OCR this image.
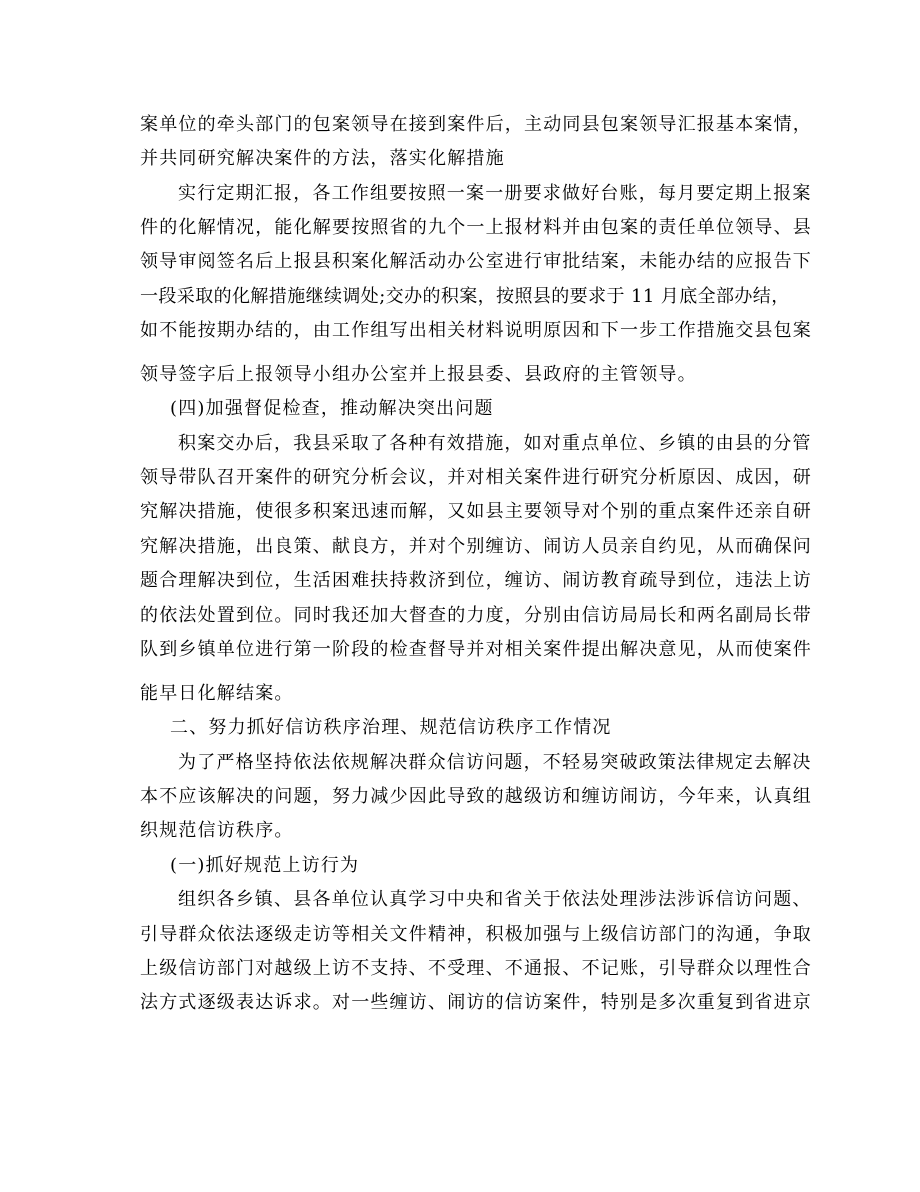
案单位的牵头部门的包案领导在接到案件后，主动同县包案领导汇报基本案情，

并共同研究解决案件的方法，落实化解措施

实行定期汇报，各工作组要按照一案一册要求做好台账，每月要定期上报案

件的化解情况，能化解要按照省的九个一上报材料并由包案的责任单位领导、县

领导审阅签名后上报县积案化解活动办公室进行审批结案，未能办结的应报告下

一段采取的化解措施继续调处;交办的积案，按照县的要求于 11 月底全部办结，

如不能按期办结的，由工作组写出相关材料说明原因和下一步工作措施交县包案

领导签字后上报领导小组办公室并上报县委、县政府的主管领导。

(四)加强督促检查，推动解决突出问题

积案交办后，我县采取了各种有效措施，如对重点单位、乡镇的由县的分管

领导带队召开案件的研究分析会议，并对相关案件进行研究分析原因、成因，研

究解决措施，使很多积案迅速而解，又如县主要领导对个别的重点案件还亲自研

究解决措施，出良策、献良方，并对个别缠访、闹访人员亲自约见，从而确保问

题合理解决到位，生活困难扶持救济到位，缠访、闹访教育疏导到位，违法上访

的依法处置到位。同时我还加大督查的力度，分别由信访局局长和两名副局长带

队到乡镇单位进行第一阶段的检查督导并对相关案件提出解决意见，从而使案件

能早日化解结案。

二、努力抓好信访秩序治理、规范信访秩序工作情况

为了严格坚持依法依规解决群众信访问题，不轻易突破政策法律规定去解决

本不应该解决的问题，努力减少因此导致的越级访和缠访闹访，今年来，认真组

织规范信访秩序。

(一)抓好规范上访行为

组织各乡镇、县各单位认真学习中央和省关于依法处理涉法涉诉信访问题、

引导群众依法逐级走访等相关文件精神，积极加强与上级信访部门的沟通，争取

上级信访部门对越级上访不支持、不受理、不通报、不记账，引导群众以理性合

法方式逐级表达诉求。对一些缠访、闹访的信访案件，特别是多次重复到省进京
